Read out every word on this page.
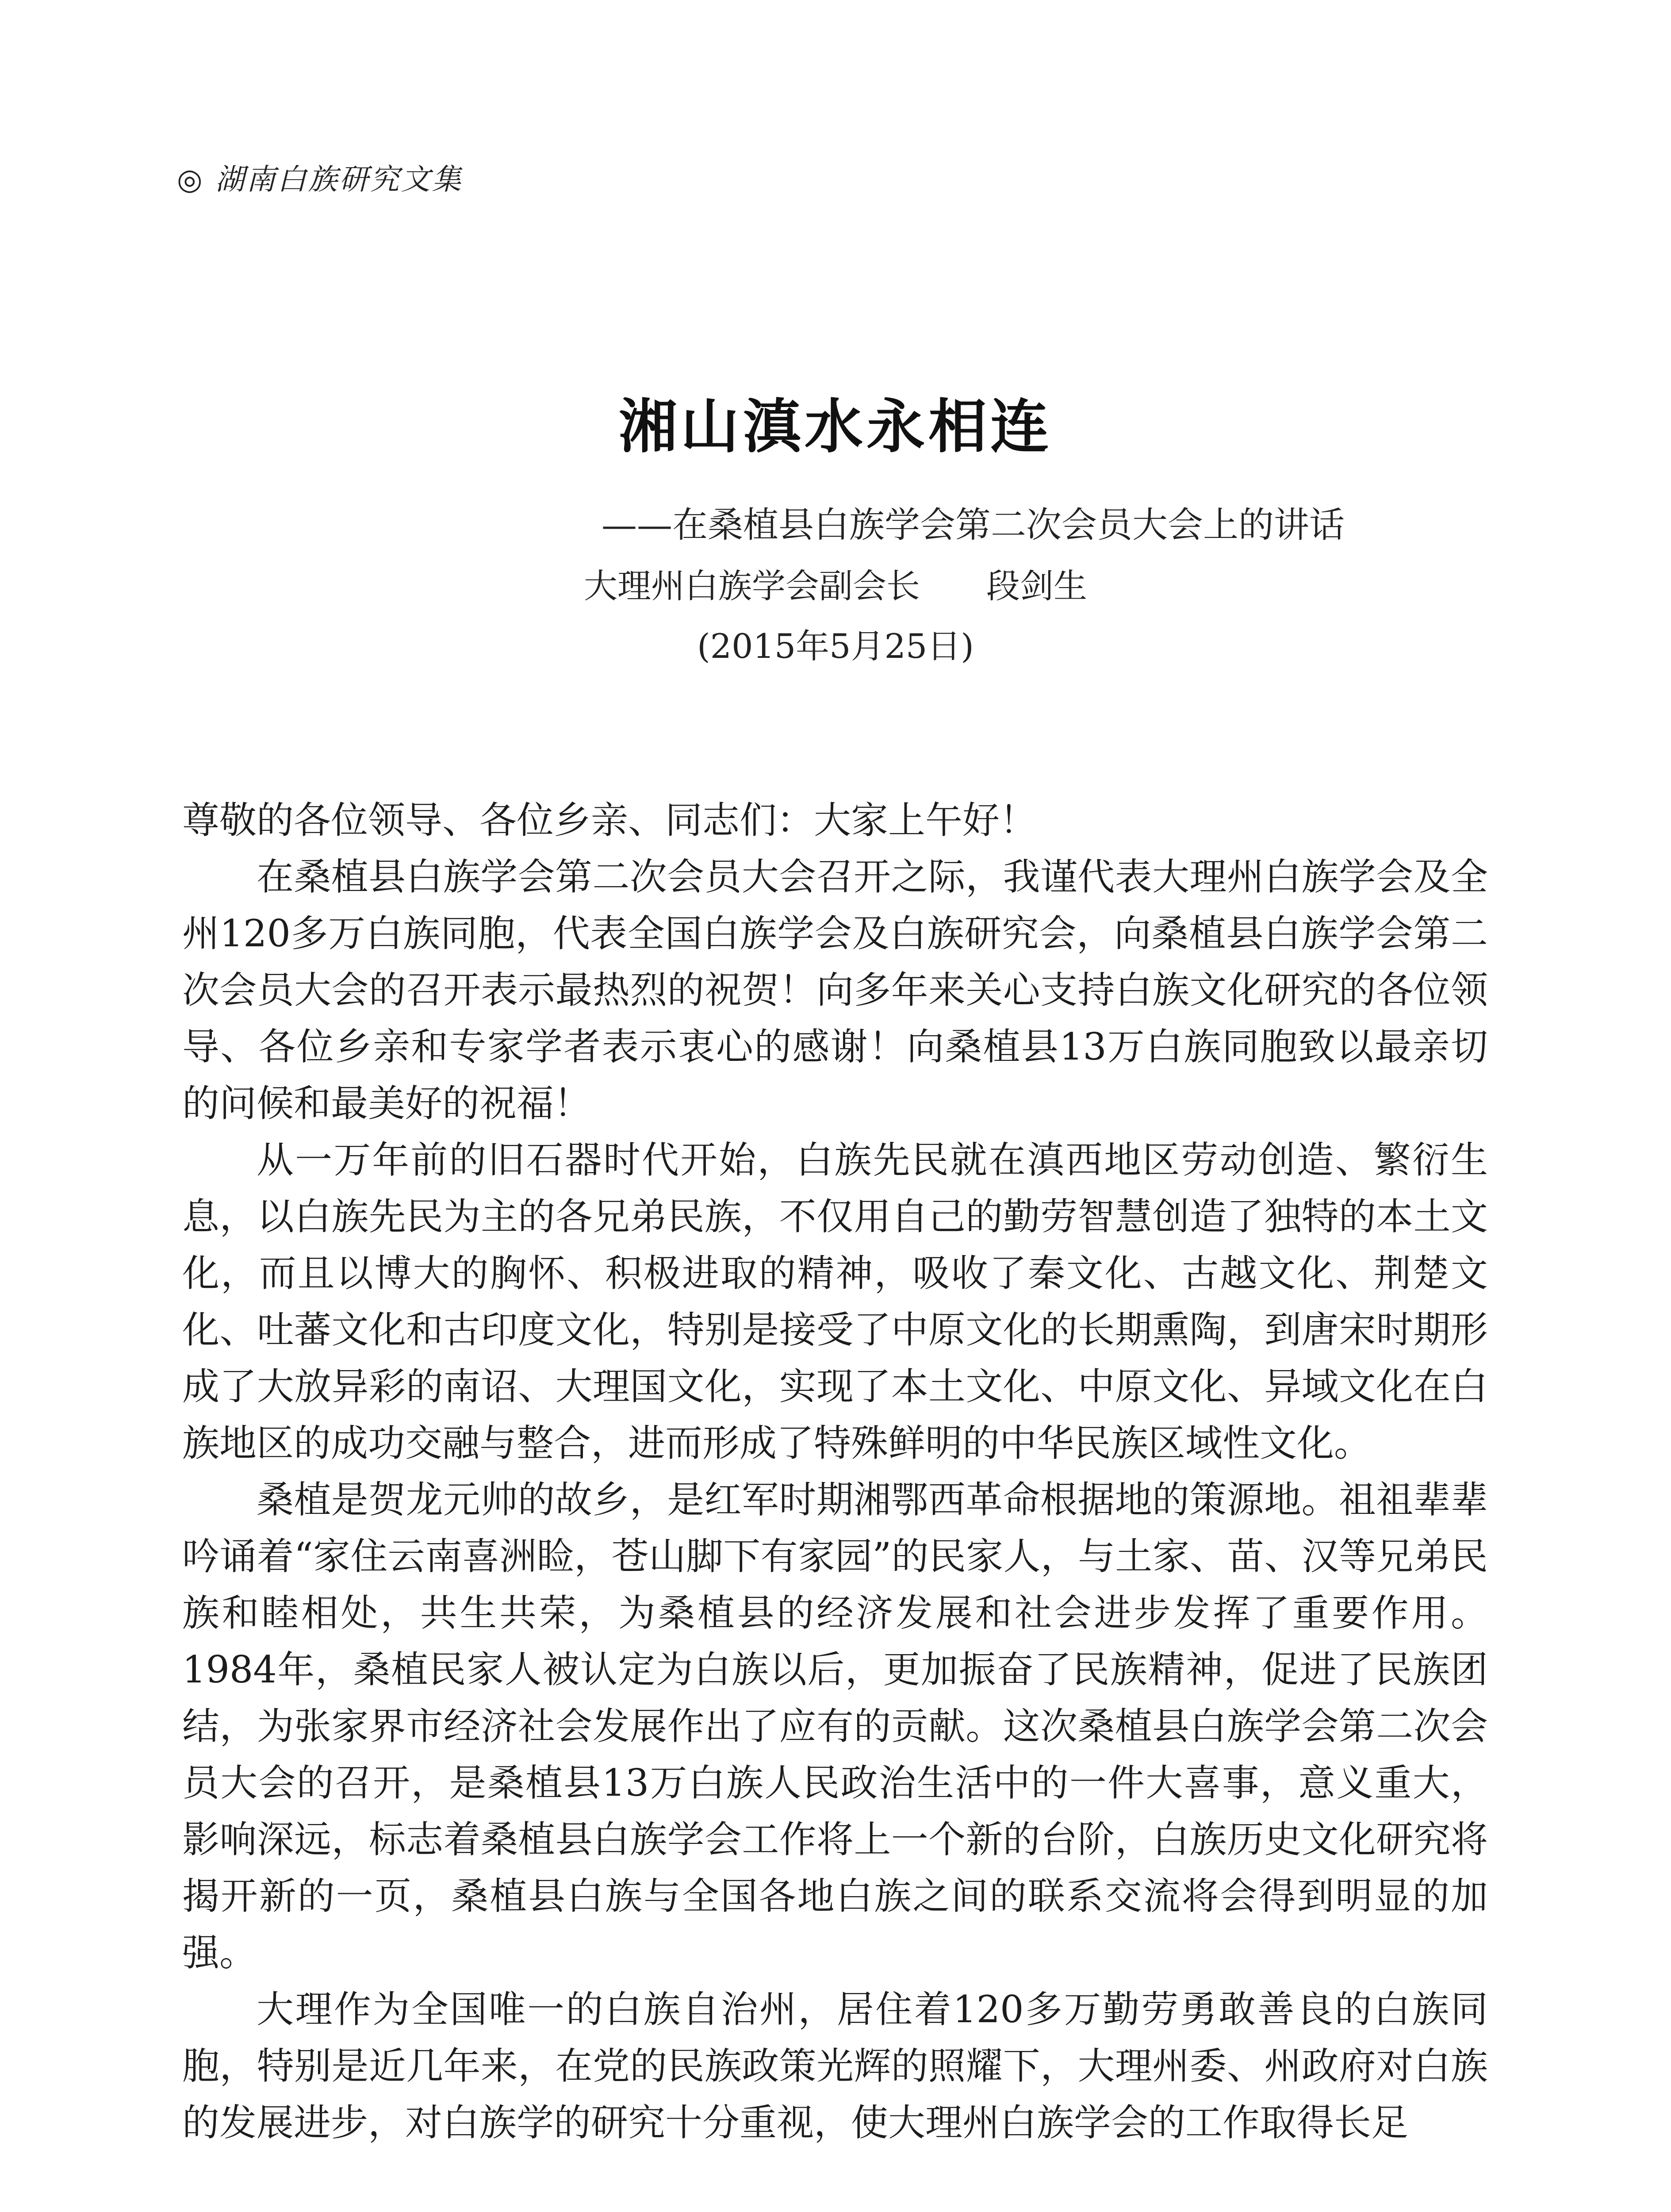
◎ 湖南白族研究文集
湘山滇水永相连
——在桑植县白族学会第二次会员大会上的讲话
大理州白族学会副会长 段剑生
(2015年5月25日)

尊敬的各位领导、各位乡亲、同志们：大家上午好！

在桑植县白族学会第二次会员大会召开之际，我谨代表大理州白族学会及全州120多万白族同胞，代表全国白族学会及白族研究会，向桑植县白族学会第二次会员大会的召开表示最热烈的祝贺！向多年来关心支持白族文化研究的各位领导、各位乡亲和专家学者表示衷心的感谢！向桑植县13万白族同胞致以最亲切的问候和最美好的祝福！

从一万年前的旧石器时代开始，白族先民就在滇西地区劳动创造、繁衍生息，以白族先民为主的各兄弟民族，不仅用自己的勤劳智慧创造了独特的本土文化，而且以博大的胸怀、积极进取的精神，吸收了秦文化、古越文化、荆楚文化、吐蕃文化和古印度文化，特别是接受了中原文化的长期熏陶，到唐宋时期形成了大放异彩的南诏、大理国文化，实现了本土文化、中原文化、异域文化在白族地区的成功交融与整合，进而形成了特殊鲜明的中华民族区域性文化。

桑植是贺龙元帅的故乡，是红军时期湘鄂西革命根据地的策源地。祖祖辈辈吟诵着“家住云南喜洲睑，苍山脚下有家园”的民家人，与土家、苗、汉等兄弟民族和睦相处，共生共荣，为桑植县的经济发展和社会进步发挥了重要作用。1984年，桑植民家人被认定为白族以后，更加振奋了民族精神，促进了民族团结，为张家界市经济社会发展作出了应有的贡献。这次桑植县白族学会第二次会员大会的召开，是桑植县13万白族人民政治生活中的一件大喜事，意义重大，影响深远，标志着桑植县白族学会工作将上一个新的台阶，白族历史文化研究将揭开新的一页，桑植县白族与全国各地白族之间的联系交流将会得到明显的加强。

大理作为全国唯一的白族自治州，居住着120多万勤劳勇敢善良的白族同胞，特别是近几年来，在党的民族政策光辉的照耀下，大理州委、州政府对白族的发展进步，对白族学的研究十分重视，使大理州白族学会的工作取得长足
